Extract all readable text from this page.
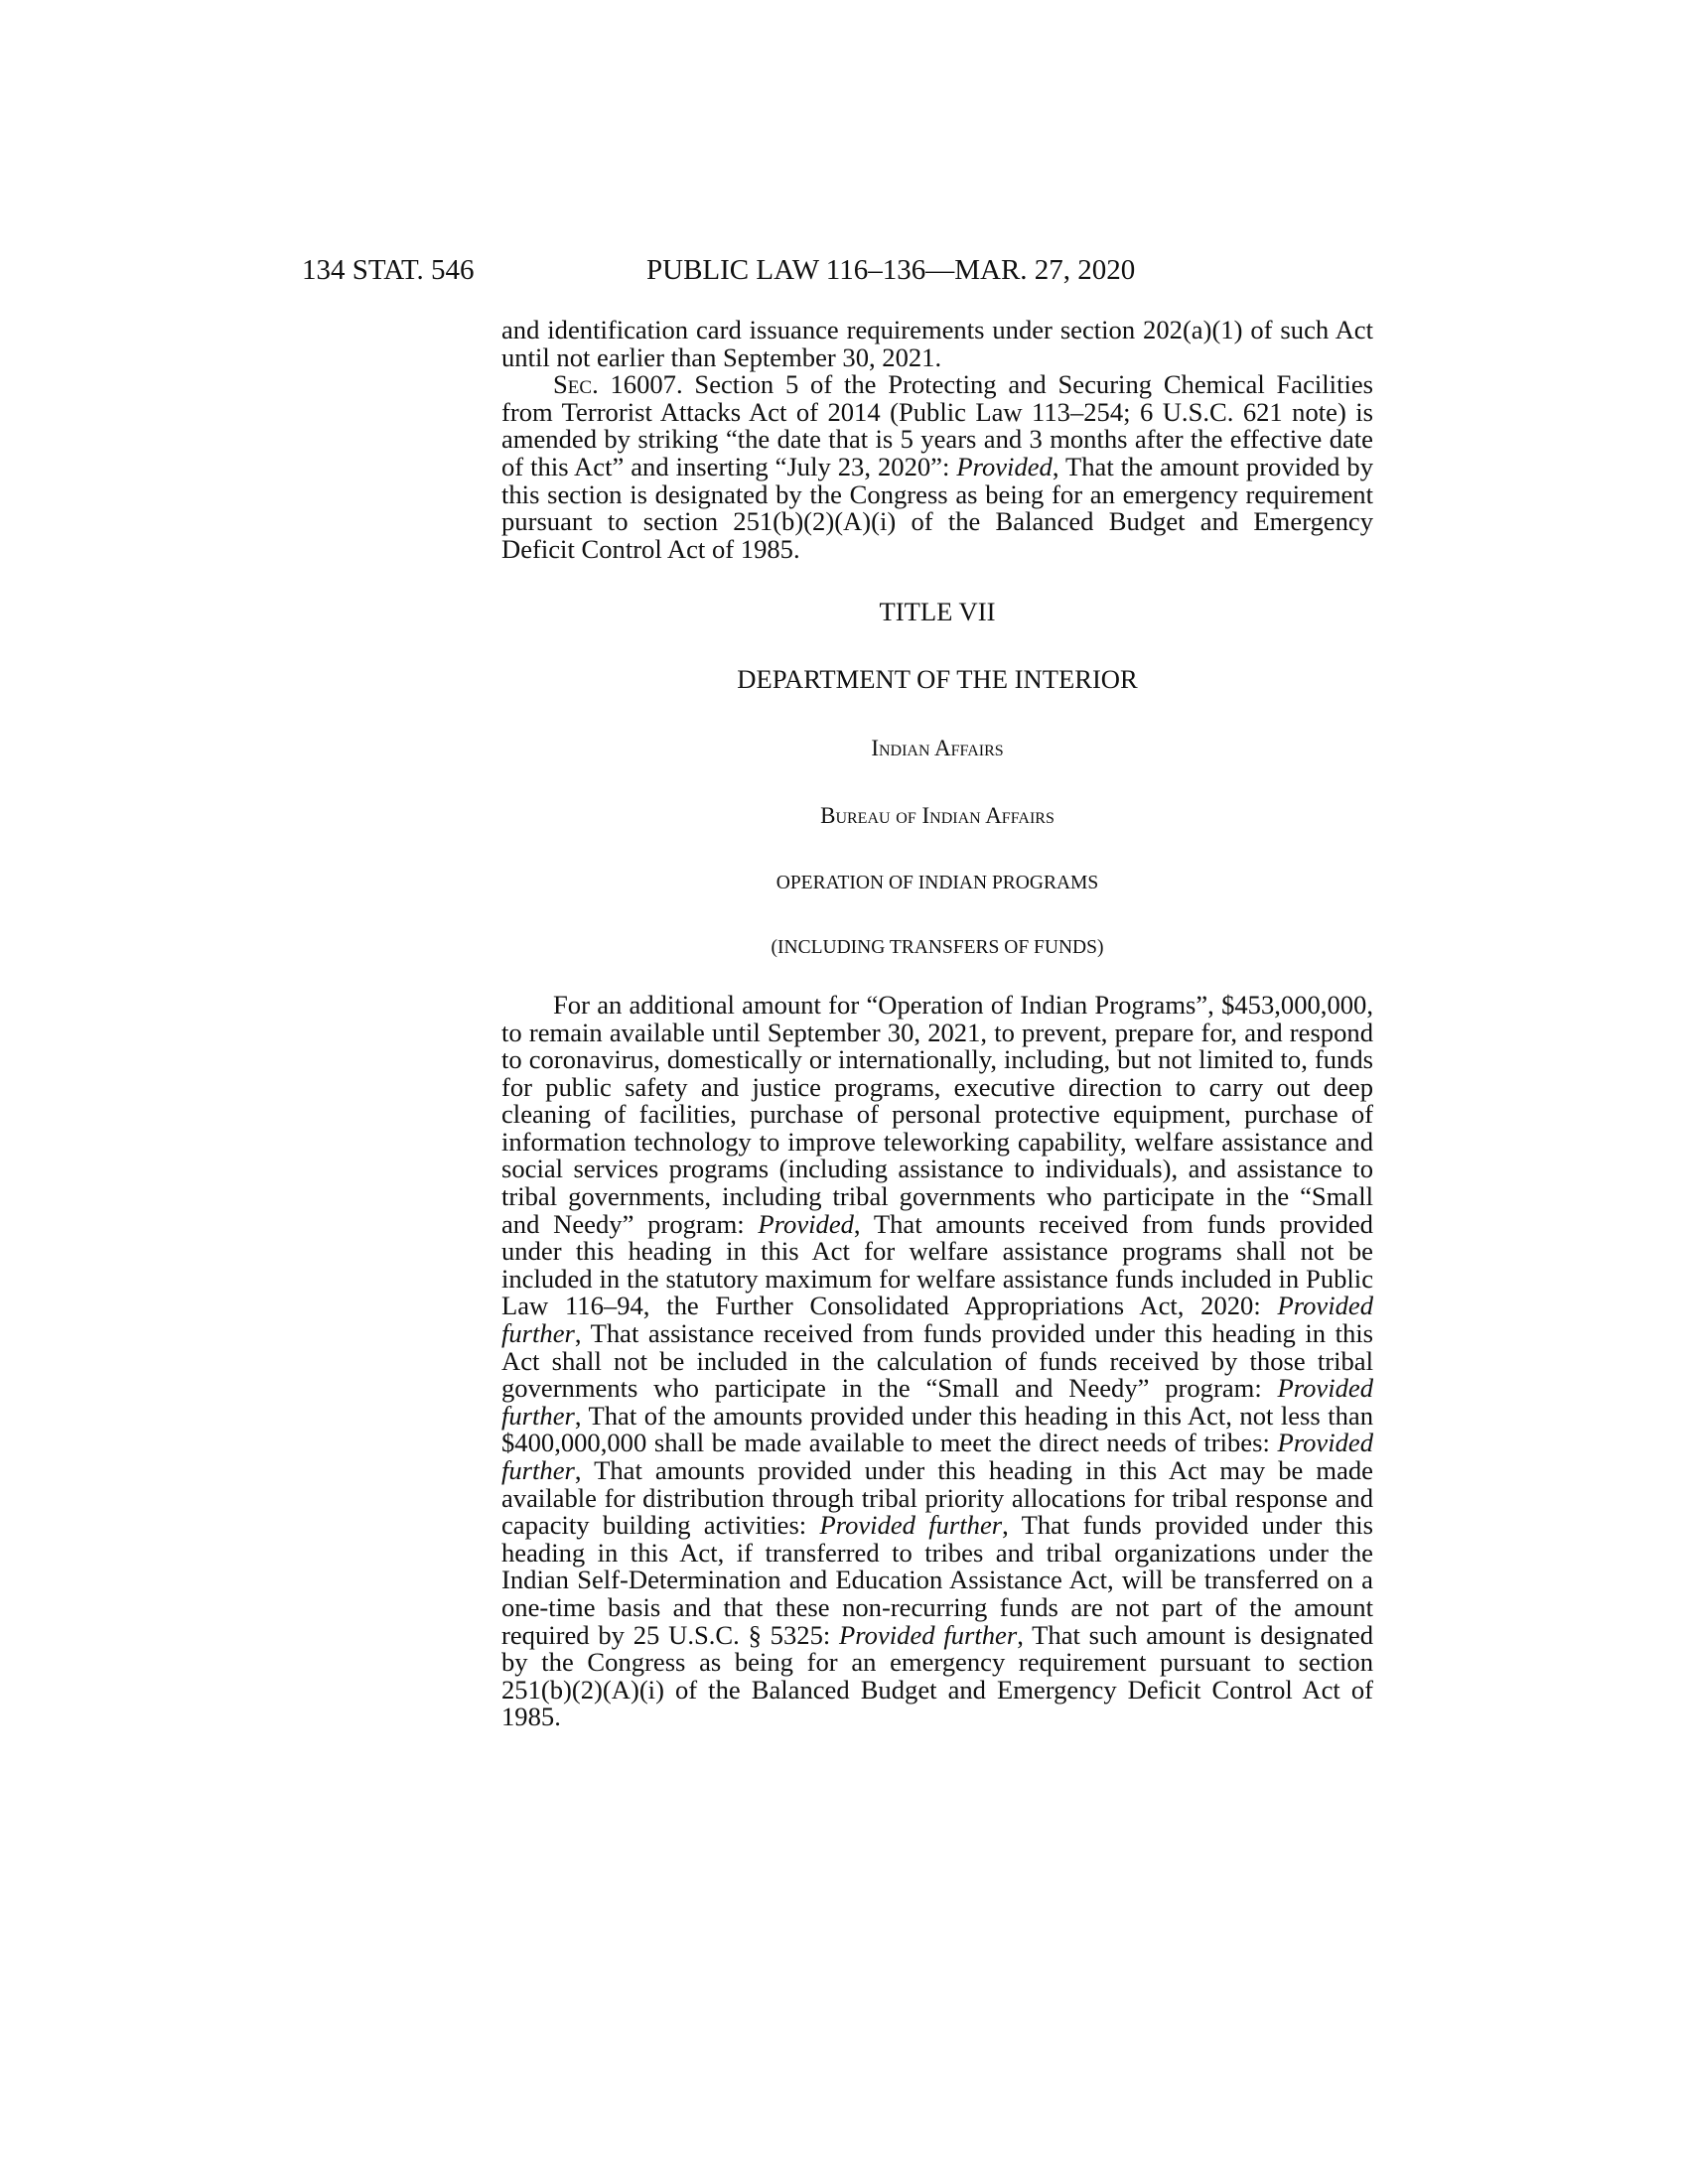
134 STAT. 546	PUBLIC LAW 116–136—MAR. 27, 2020

and identification card issuance requirements under section 202(a)(1) of such Act until not earlier than September 30, 2021.

Sec. 16007. Section 5 of the Protecting and Securing Chemical Facilities from Terrorist Attacks Act of 2014 (Public Law 113–254; 6 U.S.C. 621 note) is amended by striking “the date that is 5 years and 3 months after the effective date of this Act” and inserting “July 23, 2020”: Provided, That the amount provided by this section is designated by the Congress as being for an emergency requirement pursuant to section 251(b)(2)(A)(i) of the Balanced Budget and Emergency Deficit Control Act of 1985.

TITLE VII

DEPARTMENT OF THE INTERIOR

Indian Affairs

Bureau of Indian Affairs

OPERATION OF INDIAN PROGRAMS

(INCLUDING TRANSFERS OF FUNDS)

For an additional amount for “Operation of Indian Programs”, $453,000,000, to remain available until September 30, 2021, to prevent, prepare for, and respond to coronavirus, domestically or internationally, including, but not limited to, funds for public safety and justice programs, executive direction to carry out deep cleaning of facilities, purchase of personal protective equipment, purchase of information technology to improve teleworking capability, welfare assistance and social services programs (including assistance to individuals), and assistance to tribal governments, including tribal governments who participate in the “Small and Needy” program: Provided, That amounts received from funds provided under this heading in this Act for welfare assistance programs shall not be included in the statutory maximum for welfare assistance funds included in Public Law 116–94, the Further Consolidated Appropriations Act, 2020: Provided further, That assistance received from funds provided under this heading in this Act shall not be included in the calculation of funds received by those tribal governments who participate in the “Small and Needy” program: Provided further, That of the amounts provided under this heading in this Act, not less than $400,000,000 shall be made available to meet the direct needs of tribes: Provided further, That amounts provided under this heading in this Act may be made available for distribution through tribal priority allocations for tribal response and capacity building activities: Provided further, That funds provided under this heading in this Act, if transferred to tribes and tribal organizations under the Indian Self-Determination and Education Assistance Act, will be transferred on a one-time basis and that these non-recurring funds are not part of the amount required by 25 U.S.C. § 5325: Provided further, That such amount is designated by the Congress as being for an emergency requirement pursuant to section 251(b)(2)(A)(i) of the Balanced Budget and Emergency Deficit Control Act of 1985.
